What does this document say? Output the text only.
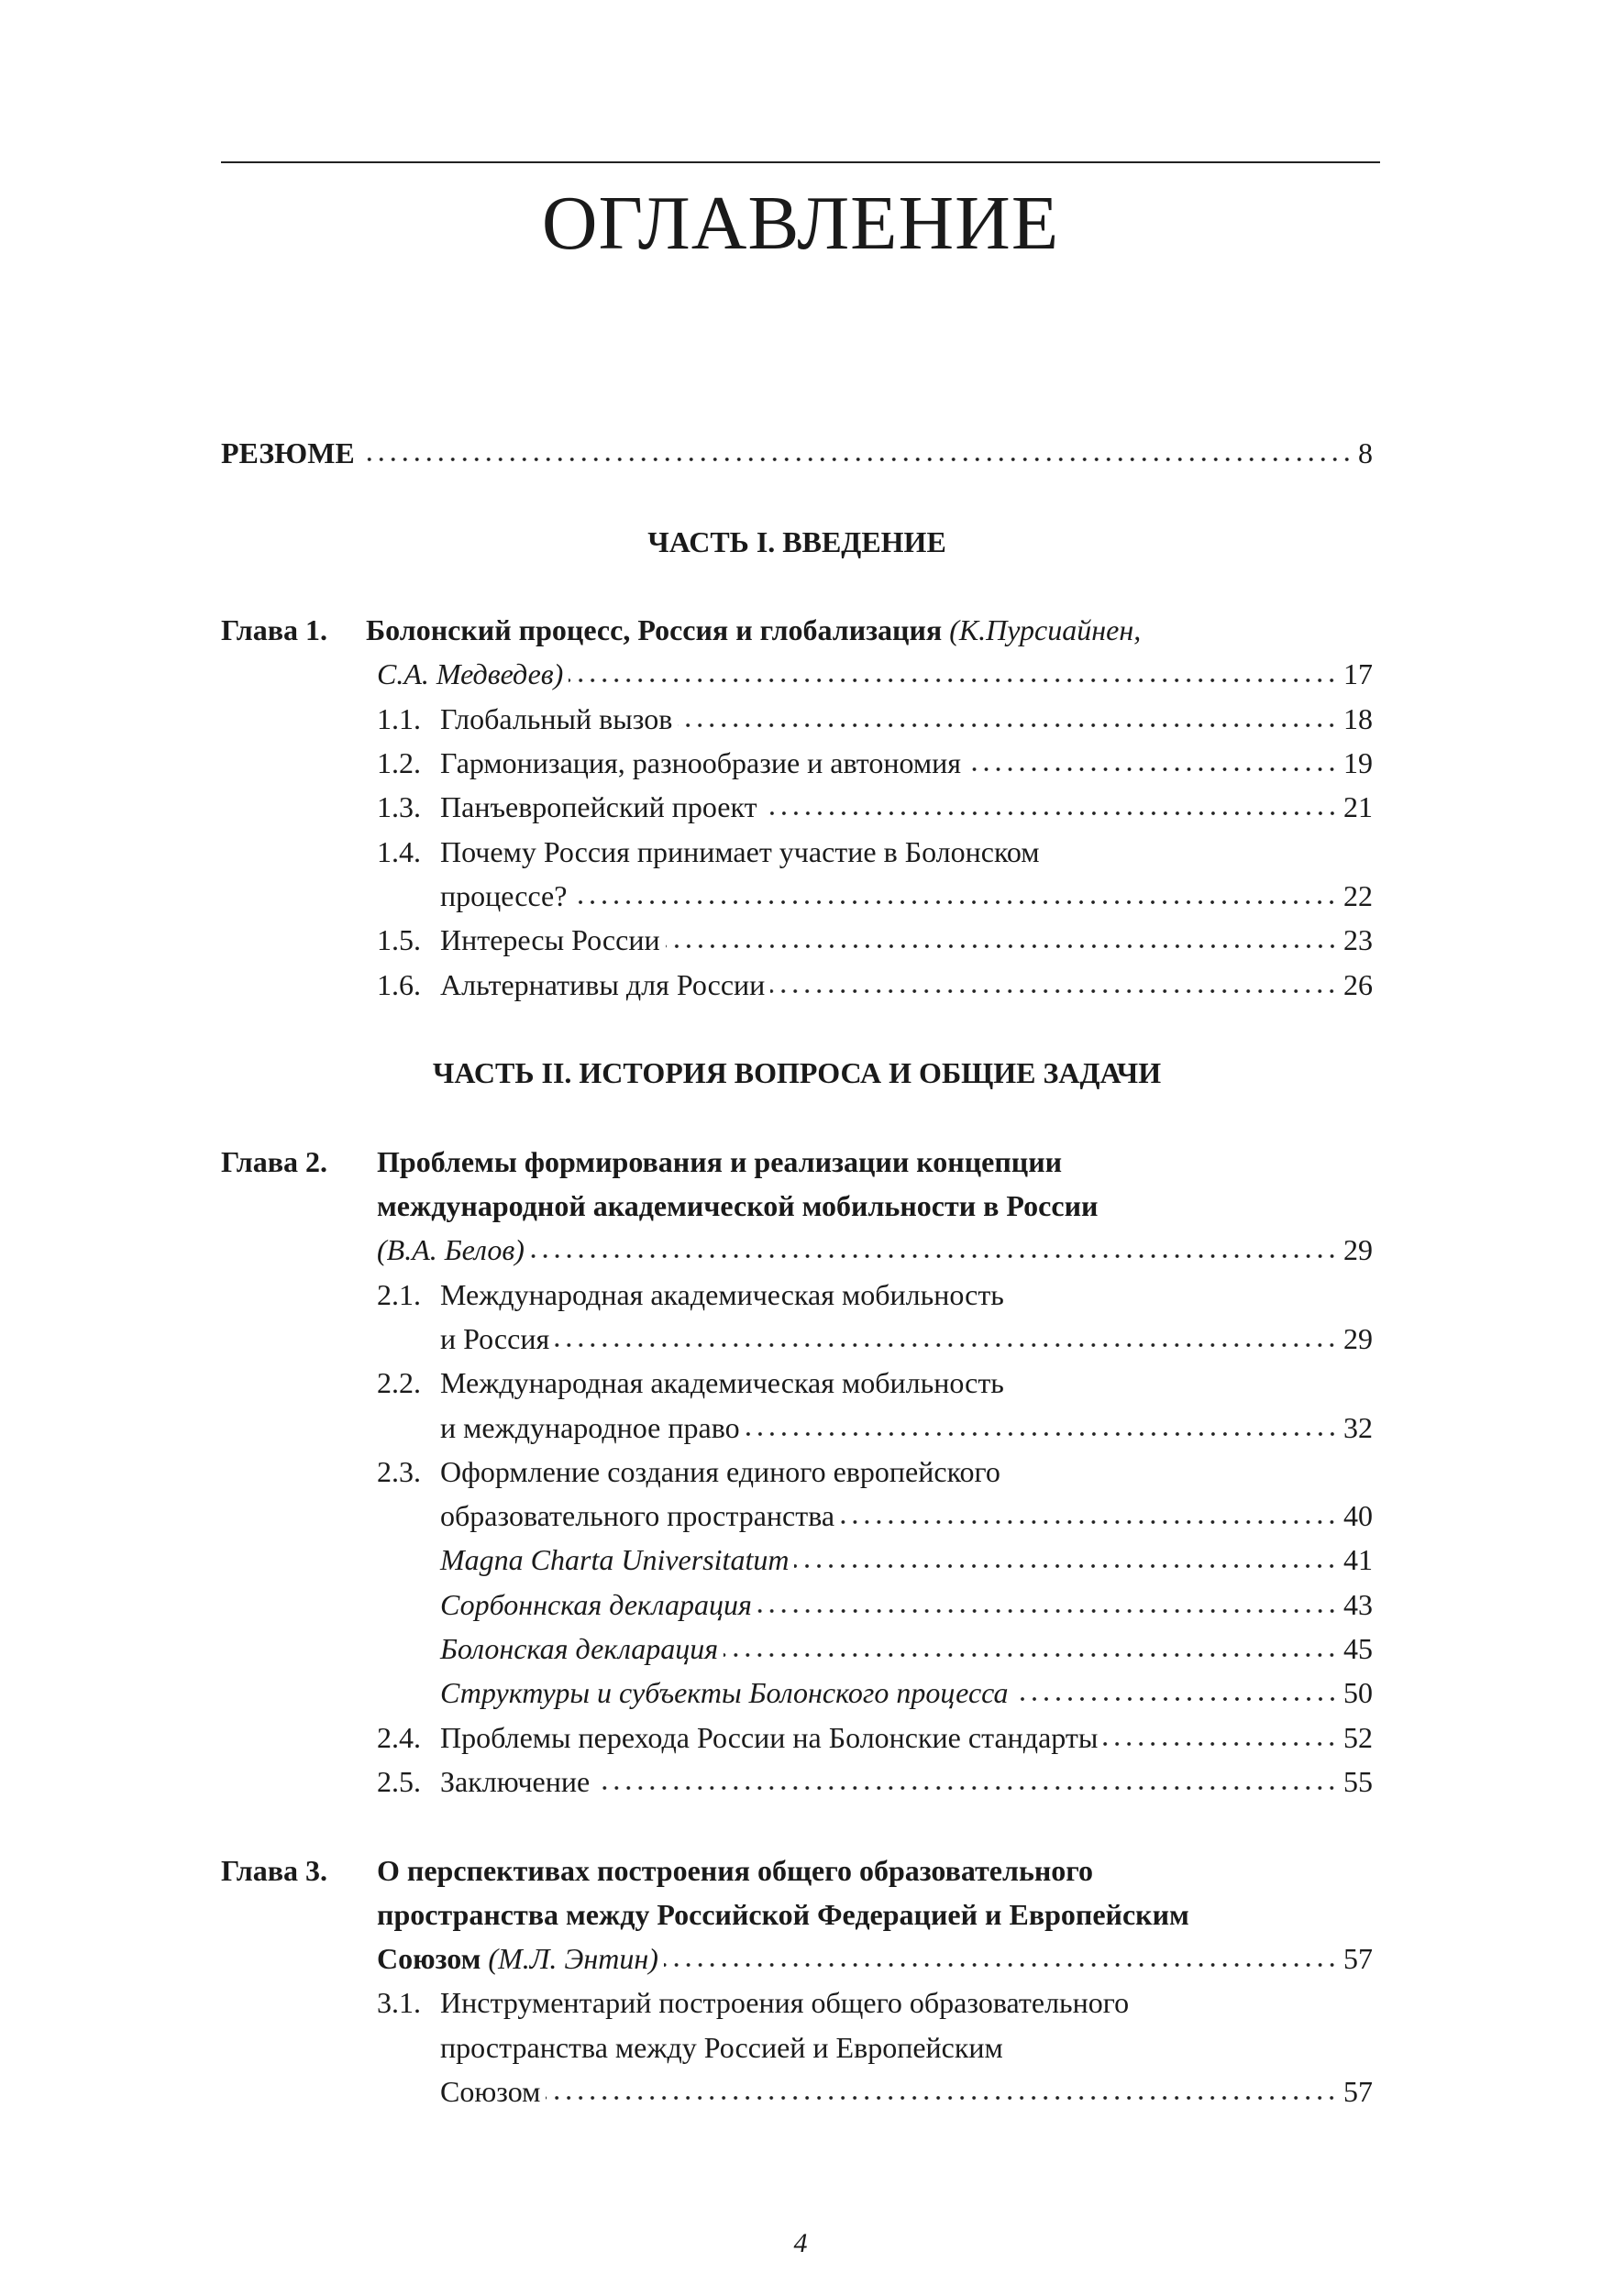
ОГЛАВЛЕНИЕ
РЕЗЮМЕ	8
ЧАСТЬ I. ВВЕДЕНИЕ
Глава 1. Болонский процесс, Россия и глобализация
(К.Пурсиайнен,
С.А. Медведев)	17
1.1. Глобальный вызов	18
1.2. Гармонизация, разнообразие и автономия	19
1.3. Панъевропейский проект	21
1.4. Почему Россия принимает участие в Болонском
процессе?	22
1.5. Интересы России	23
1.6. Альтернативы для России	26
ЧАСТЬ II. ИСТОРИЯ ВОПРОСА И ОБЩИЕ ЗАДАЧИ
Глава 2. Проблемы формирования и реализации концепции
международной академической мобильности в России
(В.А. Белов)	29
2.1. Международная академическая мобильность
и Россия	29
2.2. Международная академическая мобильность
и международное право	32
2.3. Оформление создания единого европейского
образовательного пространства	40
Magna Charta Universitatum	41
Сорбоннская декларация	43
Болонская декларация	45
Структуры и субъекты Болонского процесса	50
2.4. Проблемы перехода России на Болонские стандарты	52
2.5. Заключение	55
Глава 3. О перспективах построения общего образовательного
пространства между Российской Федерацией и Европейским
Союзом
(М.Л. Энтин)	57
3.1. Инструментарий построения общего образовательного
пространства между Россией и Европейским
Союзом	57
4
